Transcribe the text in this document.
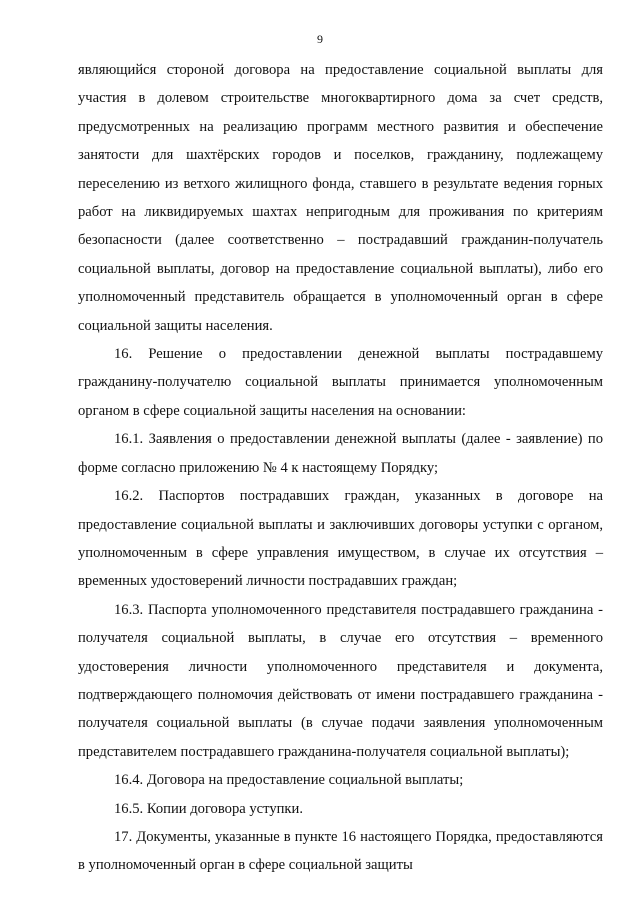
9

являющийся стороной договора на предоставление социальной выплаты для участия в долевом строительстве многоквартирного дома за счет средств, предусмотренных на реализацию программ местного развития и обеспечение занятости для шахтёрских городов и поселков, гражданину, подлежащему переселению из ветхого жилищного фонда, ставшего в результате ведения горных работ на ликвидируемых шахтах непригодным для проживания по критериям безопасности (далее соответственно – пострадавший гражданин-получатель социальной выплаты, договор на предоставление социальной выплаты), либо его уполномоченный представитель обращается в уполномоченный орган в сфере социальной защиты населения.

16. Решение о предоставлении денежной выплаты пострадавшему гражданину-получателю социальной выплаты принимается уполномоченным органом в сфере социальной защиты населения на основании:

16.1. Заявления о предоставлении денежной выплаты (далее - заявление) по форме согласно приложению № 4 к настоящему Порядку;

16.2. Паспортов пострадавших граждан, указанных в договоре на предоставление социальной выплаты и заключивших договоры уступки с органом, уполномоченным в сфере управления имуществом, в случае их отсутствия – временных удостоверений личности пострадавших граждан;

16.3. Паспорта уполномоченного представителя пострадавшего гражданина - получателя социальной выплаты, в случае его отсутствия – временного удостоверения личности уполномоченного представителя и документа, подтверждающего полномочия действовать от имени пострадавшего гражданина - получателя социальной выплаты (в случае подачи заявления уполномоченным представителем пострадавшего гражданина-получателя социальной выплаты);

16.4. Договора на предоставление социальной выплаты;

16.5. Копии договора уступки.

17. Документы, указанные в пункте 16 настоящего Порядка, предоставляются в уполномоченный орган в сфере социальной защиты
